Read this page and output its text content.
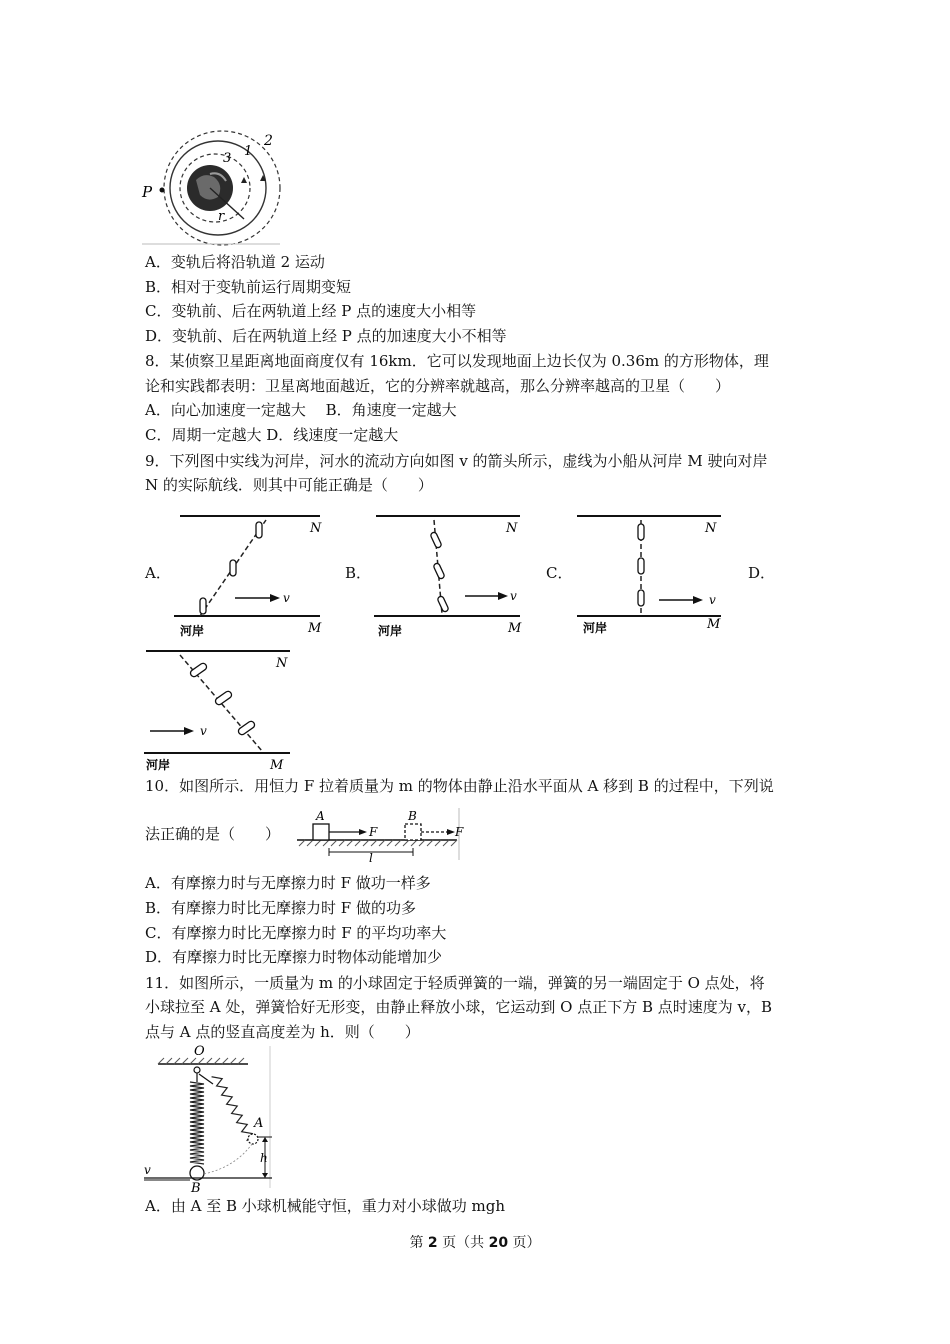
P
2
1
3
r
A．变轨后将沿轨道 2 运动
B．相对于变轨前运行周期变短
C．变轨前、后在两轨道上经 P 点的速度大小相等
D．变轨前、后在两轨道上经 P 点的加速度大小不相等
8．某侦察卫星距离地面商度仅有 16km．它可以发现地面上边长仅为 0.36m 的方形物体，理
论和实践都表明：卫星离地面越近，它的分辨率就越高，那么分辨率越高的卫星（　　）
A．向心加速度一定越大　 B．角速度一定越大
C．周期一定越大 D．线速度一定越大
9．下列图中实线为河岸，河水的流动方向如图 v 的箭头所示，虚线为小船从河岸 M 驶向对岸
N 的实际航线．则其中可能正确是（　　）
A．	B．	C．	D．
v
N
M
河岸
v
N
M
河岸
v
N
M
河岸
v
N
M
河岸
10．如图所示．用恒力 F 拉着质量为 m 的物体由静止沿水平面从 A 移到 B 的过程中，下列说
法正确的是（　　）
A	B
F	F
l
A．有摩擦力时与无摩擦力时 F 做功一样多
B．有摩擦力时比无摩擦力时 F 做的功多
C．有摩擦力时比无摩擦力时 F 的平均功率大
D．有摩擦力时比无摩擦力时物体动能增加少
11．如图所示，一质量为 m 的小球固定于轻质弹簧的一端，弹簧的另一端固定于 O 点处，将
小球拉至 A 处，弹簧恰好无形变，由静止释放小球，它运动到 O 点正下方 B 点时速度为 v，B
点与 A 点的竖直高度差为 h．则（　　）
O
A
B
h
v
A．由 A 至 B 小球机械能守恒，重力对小球做功 mgh
第 2 页（共 20 页）
